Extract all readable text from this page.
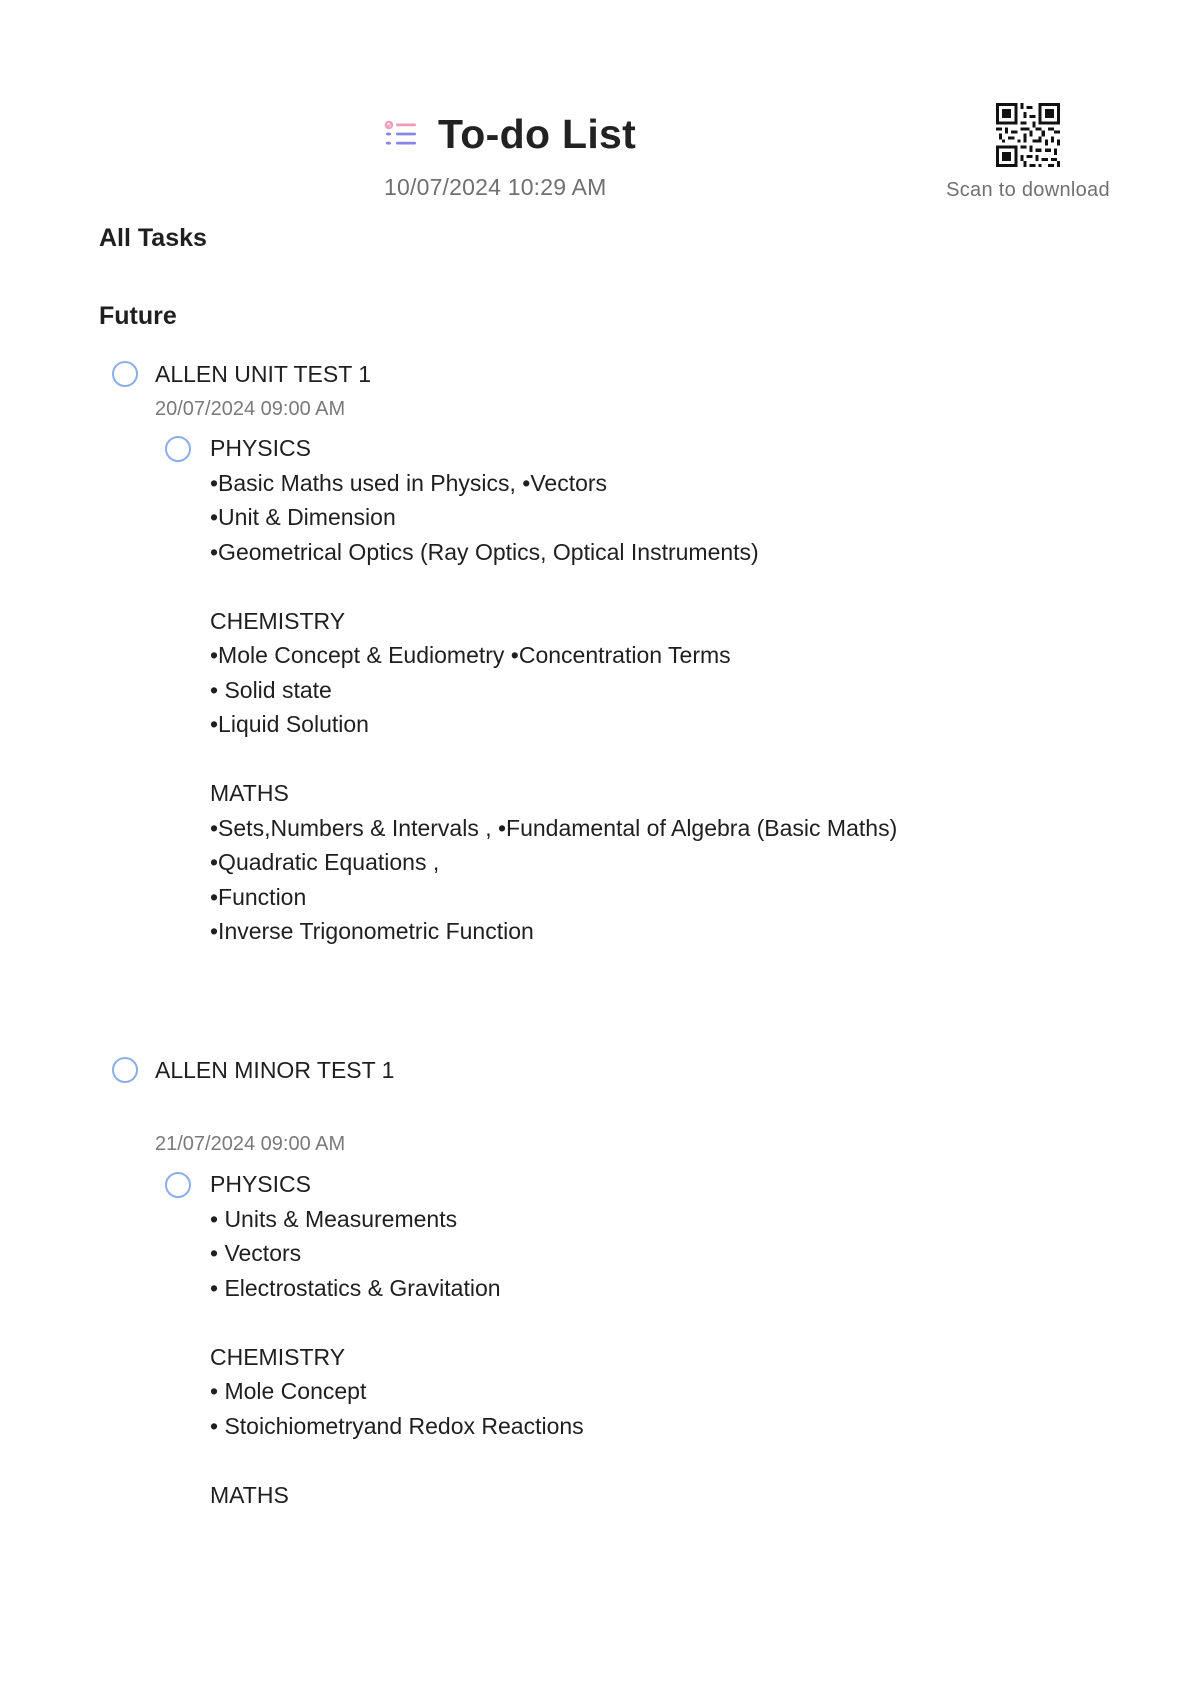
To-do List
10/07/2024 10:29 AM	Scan to download
All Tasks
Future
ALLEN UNIT TEST 1
20/07/2024 09:00 AM
PHYSICS
•Basic Maths used in Physics, •Vectors
•Unit & Dimension
•Geometrical Optics (Ray Optics, Optical Instruments)

CHEMISTRY
•Mole Concept & Eudiometry •Concentration Terms
• Solid state
•Liquid Solution

MATHS
•Sets,Numbers & Intervals , •Fundamental of Algebra (Basic Maths)
•Quadratic Equations ,
•Function
•Inverse Trigonometric Function
ALLEN MINOR TEST 1
21/07/2024 09:00 AM
PHYSICS
• Units & Measurements
• Vectors
• Electrostatics & Gravitation

CHEMISTRY
• Mole Concept
• Stoichiometryand Redox Reactions

MATHS
